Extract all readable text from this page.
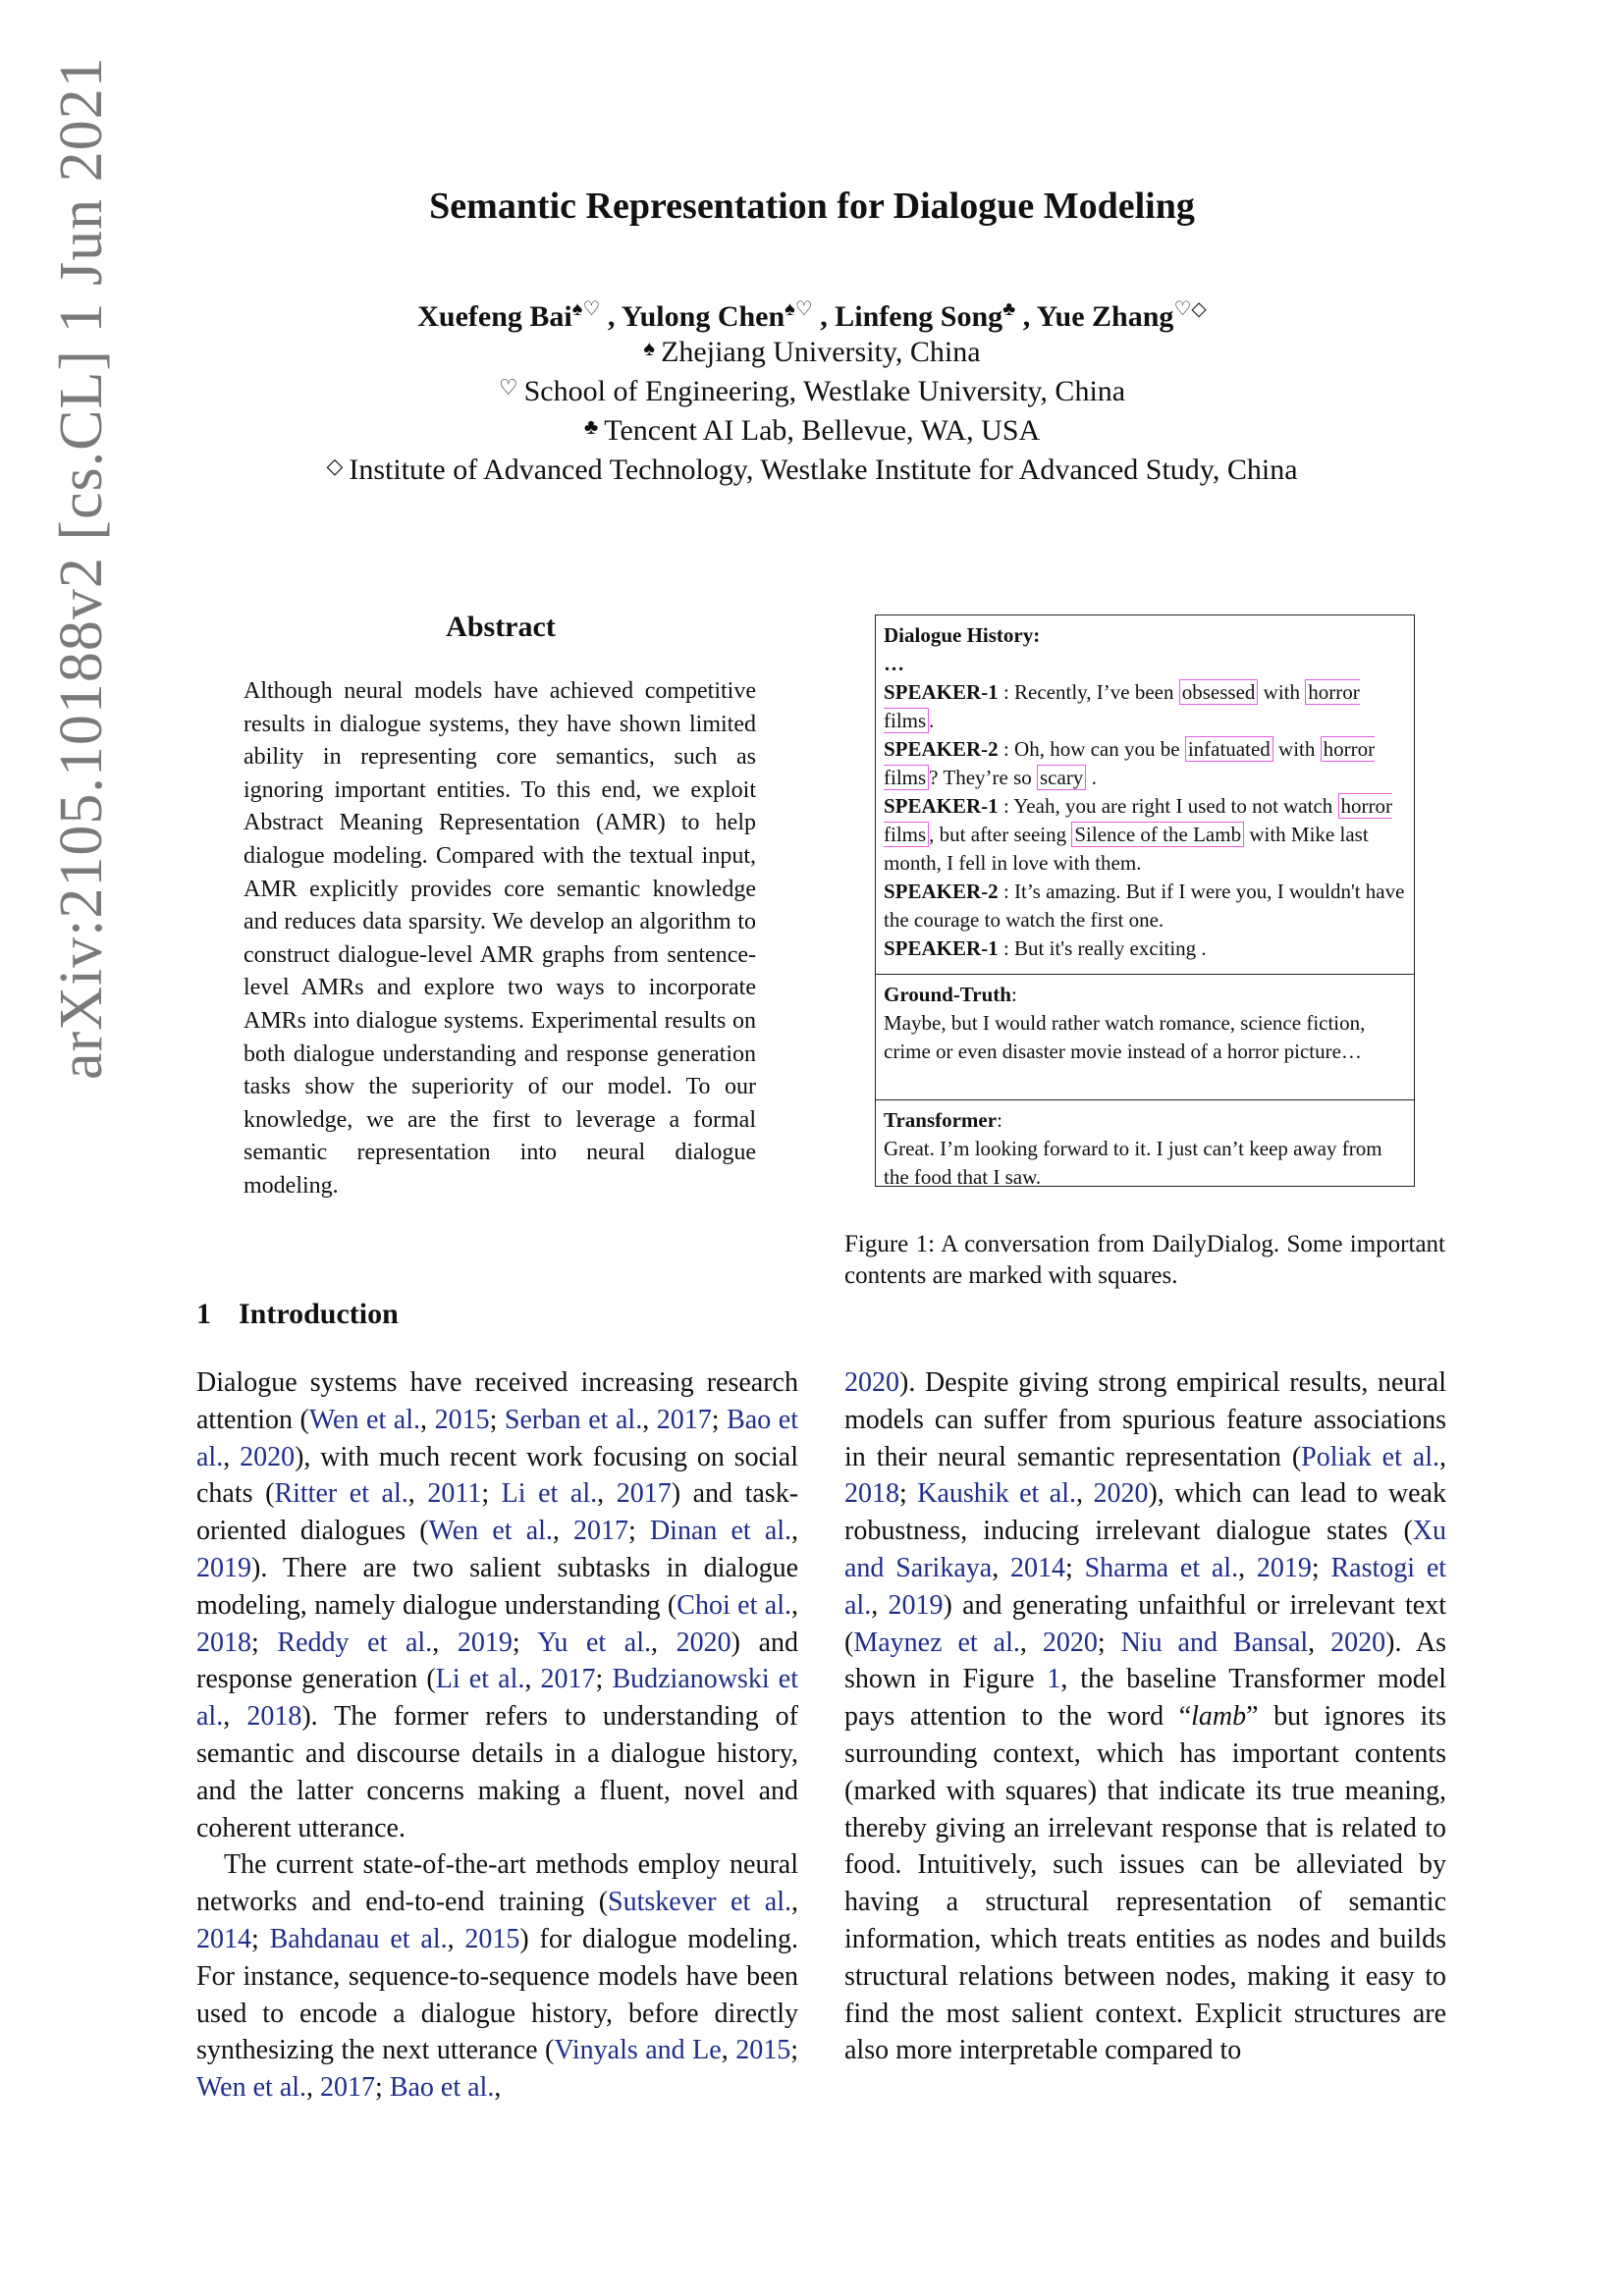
arXiv:2105.10188v2 [cs.CL] 1 Jun 2021	Semantic Representation for Dialogue Modeling
Xuefeng Bai♠♡ , Yulong Chen♠♡ , Linfeng Song♣ , Yue Zhang♡◇
♠ Zhejiang University, China
♡ School of Engineering, Westlake University, China
♣ Tencent AI Lab, Bellevue, WA, USA
◇ Institute of Advanced Technology, Westlake Institute for Advanced Study, China
Abstract
Although neural models have achieved competitive results in dialogue systems, they have shown limited ability in representing core semantics, such as ignoring important entities. To this end, we exploit Abstract Meaning Representation (AMR) to help dialogue modeling. Compared with the textual input, AMR explicitly provides core semantic knowledge and reduces data sparsity. We develop an algorithm to construct dialogue-level AMR graphs from sentence-level AMRs and explore two ways to incorporate AMRs into dialogue systems. Experimental results on both dialogue understanding and response generation tasks show the superiority of our model. To our knowledge, we are the first to leverage a formal semantic representation into neural dialogue modeling.
Dialogue History:
…
SPEAKER-1 : Recently, I’ve been obsessed with horror films .
SPEAKER-2 : Oh, how can you be infatuated with horror films ? They’re so scary .
SPEAKER-1 : Yeah, you are right I used to not watch horror films , but after seeing Silence of the Lamb with Mike last month, I fell in love with them.
SPEAKER-2 : It’s amazing. But if I were you, I wouldn't have the courage to watch the first one.
SPEAKER-1 : But it's really exciting .
Ground-Truth:
Maybe, but I would rather watch romance, science fiction, crime or even disaster movie instead of a horror picture…
Transformer:
Great. I’m looking forward to it. I just can’t keep away from the food that I saw.
Figure 1: A conversation from DailyDialog. Some important contents are marked with squares.
1 Introduction

Dialogue systems have received increasing research attention (Wen et al., 2015; Serban et al., 2017; Bao et al., 2020), with much recent work focusing on social chats (Ritter et al., 2011; Li et al., 2017) and task-oriented dialogues (Wen et al., 2017; Dinan et al., 2019). There are two salient subtasks in dialogue modeling, namely dialogue understanding (Choi et al., 2018; Reddy et al., 2019; Yu et al., 2020) and response generation (Li et al., 2017; Budzianowski et al., 2018). The former refers to understanding of semantic and discourse details in a dialogue history, and the latter concerns making a fluent, novel and coherent utterance.

The current state-of-the-art methods employ neural networks and end-to-end training (Sutskever et al., 2014; Bahdanau et al., 2015) for dialogue modeling. For instance, sequence-to-sequence models have been used to encode a dialogue history, before directly synthesizing the next utterance (Vinyals and Le, 2015; Wen et al., 2017; Bao et al.,

2020). Despite giving strong empirical results, neural models can suffer from spurious feature associations in their neural semantic representation (Poliak et al., 2018; Kaushik et al., 2020), which can lead to weak robustness, inducing irrelevant dialogue states (Xu and Sarikaya, 2014; Sharma et al., 2019; Rastogi et al., 2019) and generating unfaithful or irrelevant text (Maynez et al., 2020; Niu and Bansal, 2020). As shown in Figure 1, the baseline Transformer model pays attention to the word “lamb” but ignores its surrounding context, which has important contents (marked with squares) that indicate its true meaning, thereby giving an irrelevant response that is related to food. Intuitively, such issues can be alleviated by having a structural representation of semantic information, which treats entities as nodes and builds structural relations between nodes, making it easy to find the most salient context. Explicit structures are also more interpretable compared to
